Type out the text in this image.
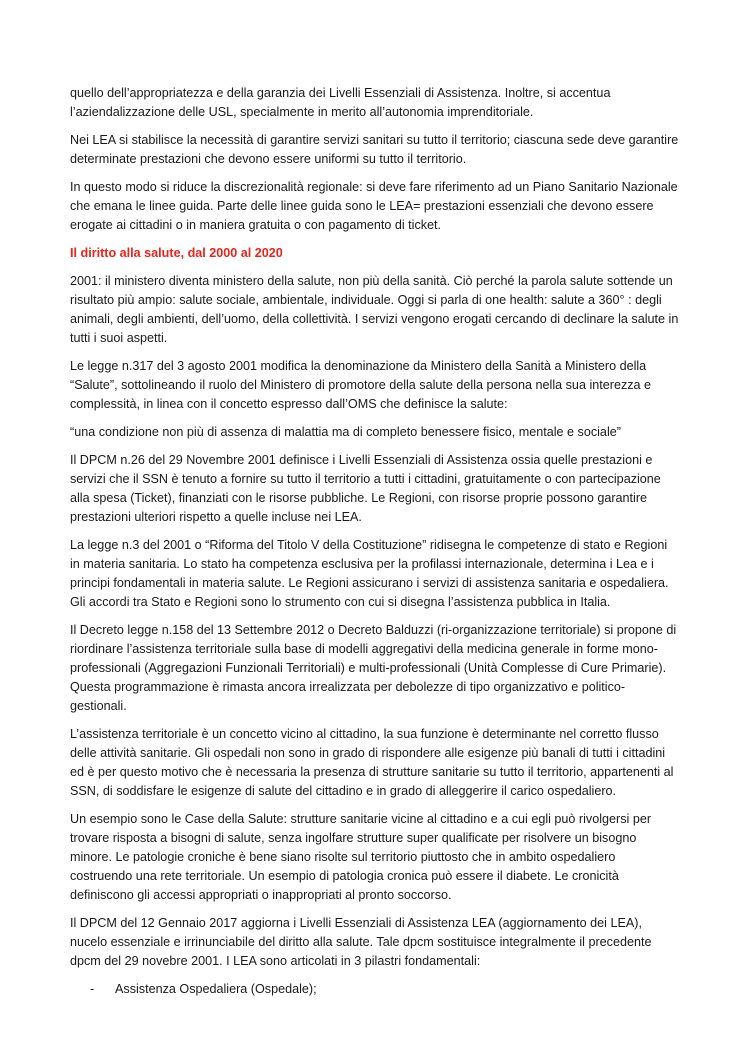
quello dell’appropriatezza e della garanzia dei Livelli Essenziali di Assistenza. Inoltre, si accentua l’aziendalizzazione delle USL, specialmente in merito all’autonomia imprenditoriale.

Nei LEA si stabilisce la necessità di garantire servizi sanitari su tutto il territorio; ciascuna sede deve garantire determinate prestazioni che devono essere uniformi su tutto il territorio.

In questo modo si riduce la discrezionalità regionale: si deve fare riferimento ad un Piano Sanitario Nazionale che emana le linee guida. Parte delle linee guida sono le LEA= prestazioni essenziali che devono essere erogate ai cittadini o in maniera gratuita o con pagamento di ticket.

Il diritto alla salute, dal 2000 al 2020

2001: il ministero diventa ministero della salute, non più della sanità. Ciò perché la parola salute sottende un risultato più ampio: salute sociale, ambientale, individuale. Oggi si parla di one health: salute a 360° : degli animali, degli ambienti, dell’uomo, della collettività. I servizi vengono erogati cercando di declinare la salute in tutti i suoi aspetti.

Le legge n.317 del 3 agosto 2001 modifica la denominazione da Ministero della Sanità a Ministero della “Salute”, sottolineando il ruolo del Ministero di promotore della salute della persona nella sua interezza e complessità, in linea con il concetto espresso dall’OMS che definisce la salute:

“una condizione non più di assenza di malattia ma di completo benessere fisico, mentale e sociale”

Il DPCM n.26 del 29 Novembre 2001 definisce i Livelli Essenziali di Assistenza ossia quelle prestazioni e servizi che il SSN è tenuto a fornire su tutto il territorio a tutti i cittadini, gratuitamente o con partecipazione alla spesa (Ticket), finanziati con le risorse pubbliche. Le Regioni, con risorse proprie possono garantire prestazioni ulteriori rispetto a quelle incluse nei LEA.

La legge n.3 del 2001 o “Riforma del Titolo V della Costituzione” ridisegna le competenze di stato e Regioni in materia sanitaria. Lo stato ha competenza esclusiva per la profilassi internazionale, determina i Lea e i principi fondamentali in materia salute. Le Regioni assicurano i servizi di assistenza sanitaria e ospedaliera. Gli accordi tra Stato e Regioni sono lo strumento con cui si disegna l’assistenza pubblica in Italia.

Il Decreto legge n.158 del 13 Settembre 2012 o Decreto Balduzzi (ri-organizzazione territoriale) si propone di riordinare l’assistenza territoriale sulla base di modelli aggregativi della medicina generale in forme mono-professionali (Aggregazioni Funzionali Territoriali) e multi-professionali (Unità Complesse di Cure Primarie). Questa programmazione è rimasta ancora irrealizzata per debolezze di tipo organizzativo e politico-gestionali.

L’assistenza territoriale è un concetto vicino al cittadino, la sua funzione è determinante nel corretto flusso delle attività sanitarie. Gli ospedali non sono in grado di rispondere alle esigenze più banali di tutti i cittadini ed è per questo motivo che è necessaria la presenza di strutture sanitarie su tutto il territorio, appartenenti al SSN, di soddisfare le esigenze di salute del cittadino e in grado di alleggerire il carico ospedaliero.

Un esempio sono le Case della Salute: strutture sanitarie vicine al cittadino e a cui egli può rivolgersi per trovare risposta a bisogni di salute, senza ingolfare strutture super qualificate per risolvere un bisogno minore. Le patologie croniche è bene siano risolte sul territorio piuttosto che in ambito ospedaliero costruendo una rete territoriale. Un esempio di patologia cronica può essere il diabete. Le cronicità definiscono gli accessi appropriati o inappropriati al pronto soccorso.

Il DPCM del 12 Gennaio 2017 aggiorna i Livelli Essenziali di Assistenza LEA (aggiornamento dei LEA), nucelo essenziale e irrinunciabile del diritto alla salute. Tale dpcm sostituisce integralmente il precedente dpcm del 29 novebre 2001. I LEA sono articolati in 3 pilastri fondamentali:

- Assistenza Ospedaliera (Ospedale);
